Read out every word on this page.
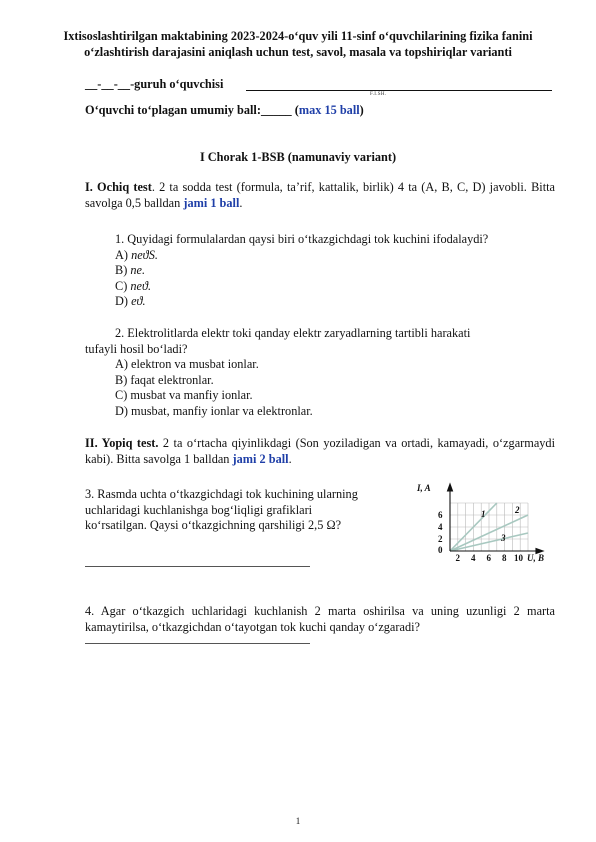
Ixtisoslashtirilgan maktabining 2023-2024-o‘quv yili 11-sinf o‘quvchilarining fizika fanini o‘zlashtirish darajasini aniqlash uchun test, savol, masala va topshiriqlar varianti
__-__-__-guruh o‘quvchisi
F.I.SH.
O‘quvchi to‘plagan umumiy ball:_____ (max 15 ball)
I Chorak 1-BSB (namunaviy variant)
I. Ochiq test. 2 ta sodda test (formula, ta’rif, kattalik, birlik) 4 ta (A, B, C, D) javobli. Bitta savolga 0,5 balldan jami 1 ball.
1. Quyidagi formulalardan qaysi biri o‘tkazgichdagi tok kuchini ifodalaydi?
A) neϑS.
B) ne.
C) neϑ.
D) eϑ.
2. Elektrolitlarda elektr toki qanday elektr zaryadlarning tartibli harakati
tufayli hosil bo‘ladi?
A) elektron va musbat ionlar.
B) faqat elektronlar.
C) musbat va manfiy ionlar.
D) musbat, manfiy ionlar va elektronlar.
II. Yopiq test. 2 ta o‘rtacha qiyinlikdagi (Son yoziladigan va ortadi, kamayadi, o‘zgarmaydi kabi). Bitta savolga 1 balldan jami 2 ball.
3. Rasmda uchta o‘tkazgichdagi tok kuchining ularning
uchlaridagi kuchlanishga bog‘liqligi grafiklari
ko‘rsatilgan. Qaysi o‘tkazgichning qarshiligi 2,5 Ω?
I, A
0
2
4
6
2 4 6 8 10 U, B
1	2
3
4. Agar o‘tkazgich uchlaridagi kuchlanish 2 marta oshirilsa va uning uzunligi 2 marta kamaytirilsa, o‘tkazgichdan o‘tayotgan tok kuchi qanday o‘zgaradi?
1
